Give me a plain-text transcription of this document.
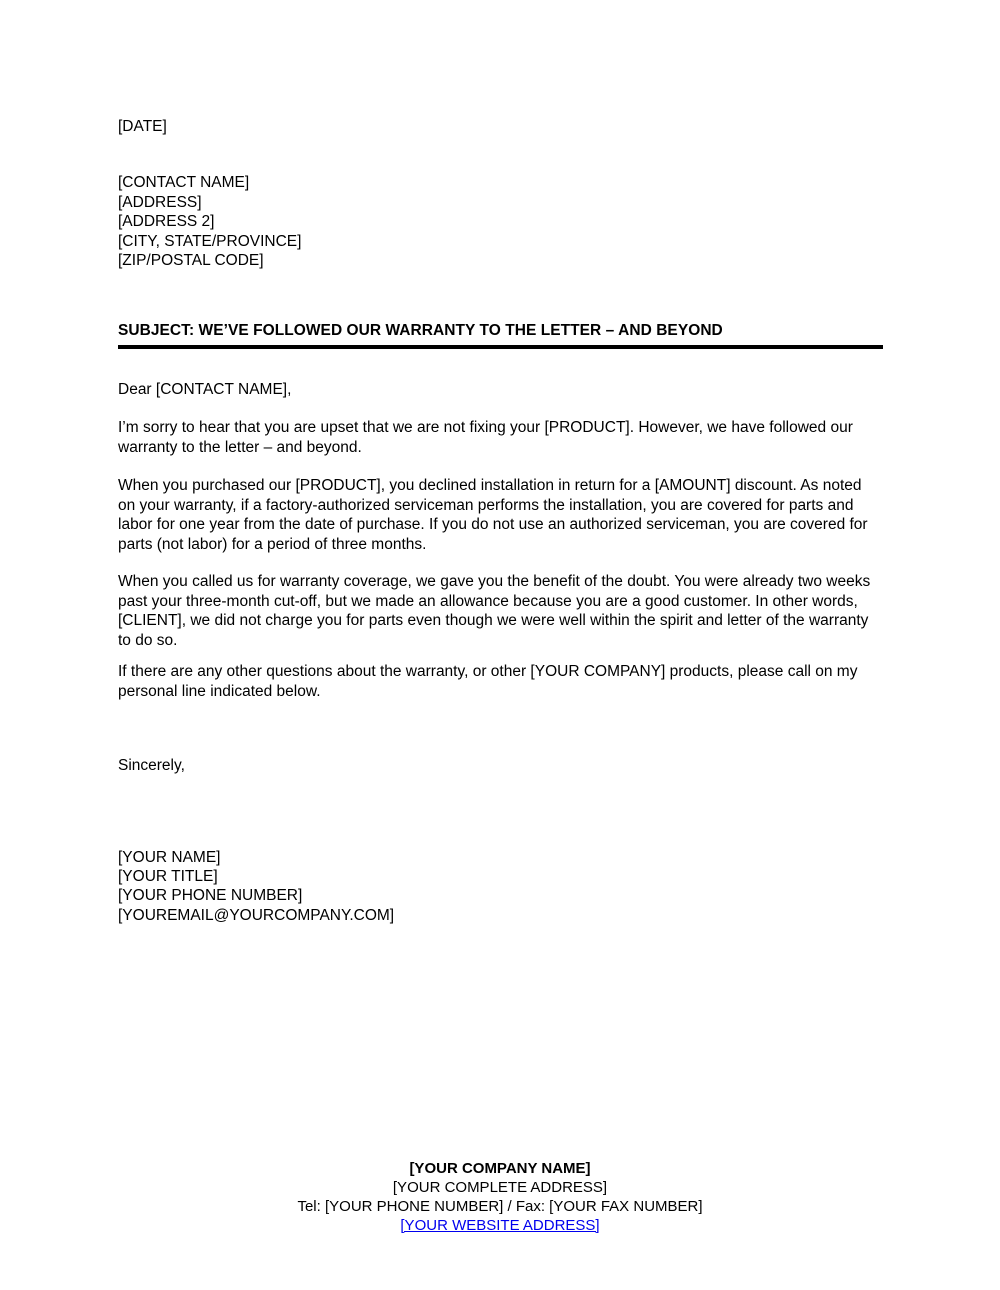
[DATE]
[CONTACT NAME]
[ADDRESS]
[ADDRESS 2]
[CITY, STATE/PROVINCE]
[ZIP/POSTAL CODE]
SUBJECT: WE’VE FOLLOWED OUR WARRANTY TO THE LETTER – AND BEYOND
Dear [CONTACT NAME],
I’m sorry to hear that you are upset that we are not fixing your [PRODUCT]. However, we have followed our warranty to the letter – and beyond.
When you purchased our [PRODUCT], you declined installation in return for a [AMOUNT] discount. As noted on your warranty, if a factory-authorized serviceman performs the installation, you are covered for parts and labor for one year from the date of purchase. If you do not use an authorized serviceman, you are covered for parts (not labor) for a period of three months.
When you called us for warranty coverage, we gave you the benefit of the doubt. You were already two weeks past your three-month cut-off, but we made an allowance because you are a good customer. In other words, [CLIENT], we did not charge you for parts even though we were well within the spirit and letter of the warranty to do so.
If there are any other questions about the warranty, or other [YOUR COMPANY] products, please call on my personal line indicated below.
Sincerely,
[YOUR NAME]
[YOUR TITLE]
[YOUR PHONE NUMBER]
[YOUREMAIL@YOURCOMPANY.COM]
[YOUR COMPANY NAME]
[YOUR COMPLETE ADDRESS]
Tel: [YOUR PHONE NUMBER] / Fax: [YOUR FAX NUMBER]
[YOUR WEBSITE ADDRESS]
